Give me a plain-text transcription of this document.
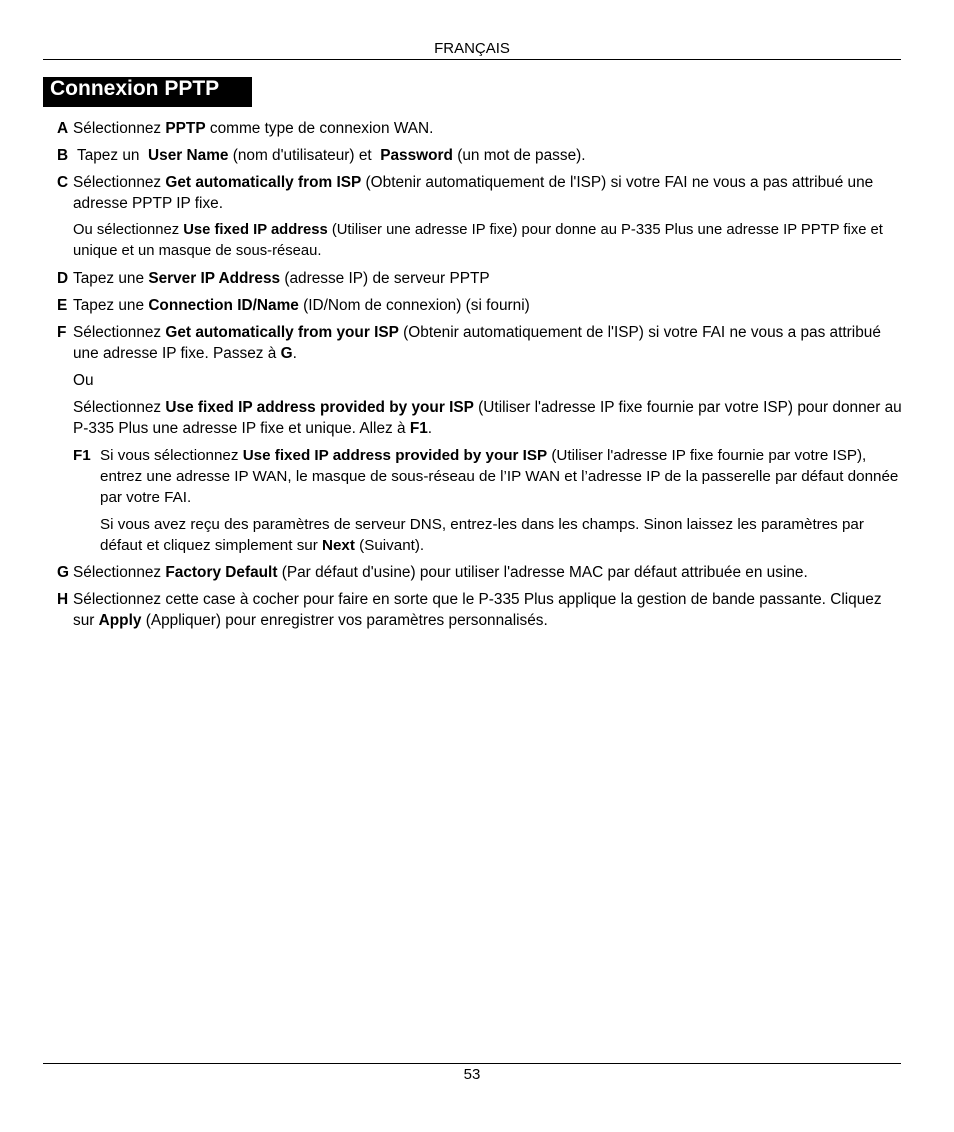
FRANÇAIS
Connexion PPTP
A Sélectionnez PPTP comme type de connexion WAN.
B Tapez un  User Name (nom d'utilisateur) et  Password (un mot de passe).
C Sélectionnez Get automatically from ISP (Obtenir automatiquement de l'ISP) si votre FAI ne vous a pas attribué une adresse PPTP IP fixe.
Ou sélectionnez Use fixed IP address (Utiliser une adresse IP fixe) pour donne au P-335 Plus une adresse IP PPTP fixe et unique et un masque de sous-réseau.
D Tapez une Server IP Address (adresse IP) de serveur PPTP
E Tapez une Connection ID/Name (ID/Nom de connexion) (si fourni)
F Sélectionnez Get automatically from your ISP (Obtenir automatiquement de l'ISP) si votre FAI ne vous a pas attribué une adresse IP fixe. Passez à G.
Ou
Sélectionnez Use fixed IP address provided by your ISP (Utiliser l'adresse IP fixe fournie par votre ISP) pour donner au P-335 Plus une adresse IP fixe et unique. Allez à F1.
F1 Si vous sélectionnez Use fixed IP address provided by your ISP (Utiliser l'adresse IP fixe fournie par votre ISP), entrez une adresse IP WAN, le masque de sous-réseau de l’IP WAN et l’adresse IP de la passerelle par défaut donnée par votre FAI.
Si vous avez reçu des paramètres de serveur DNS, entrez-les dans les champs. Sinon laissez les paramètres par défaut et cliquez simplement sur Next (Suivant).
G Sélectionnez Factory Default (Par défaut d'usine) pour utiliser l'adresse MAC par défaut attribuée en usine.
H Sélectionnez cette case à cocher pour faire en sorte que le P-335 Plus applique la gestion de bande passante. Cliquez sur Apply (Appliquer) pour enregistrer vos paramètres personnalisés.
53
